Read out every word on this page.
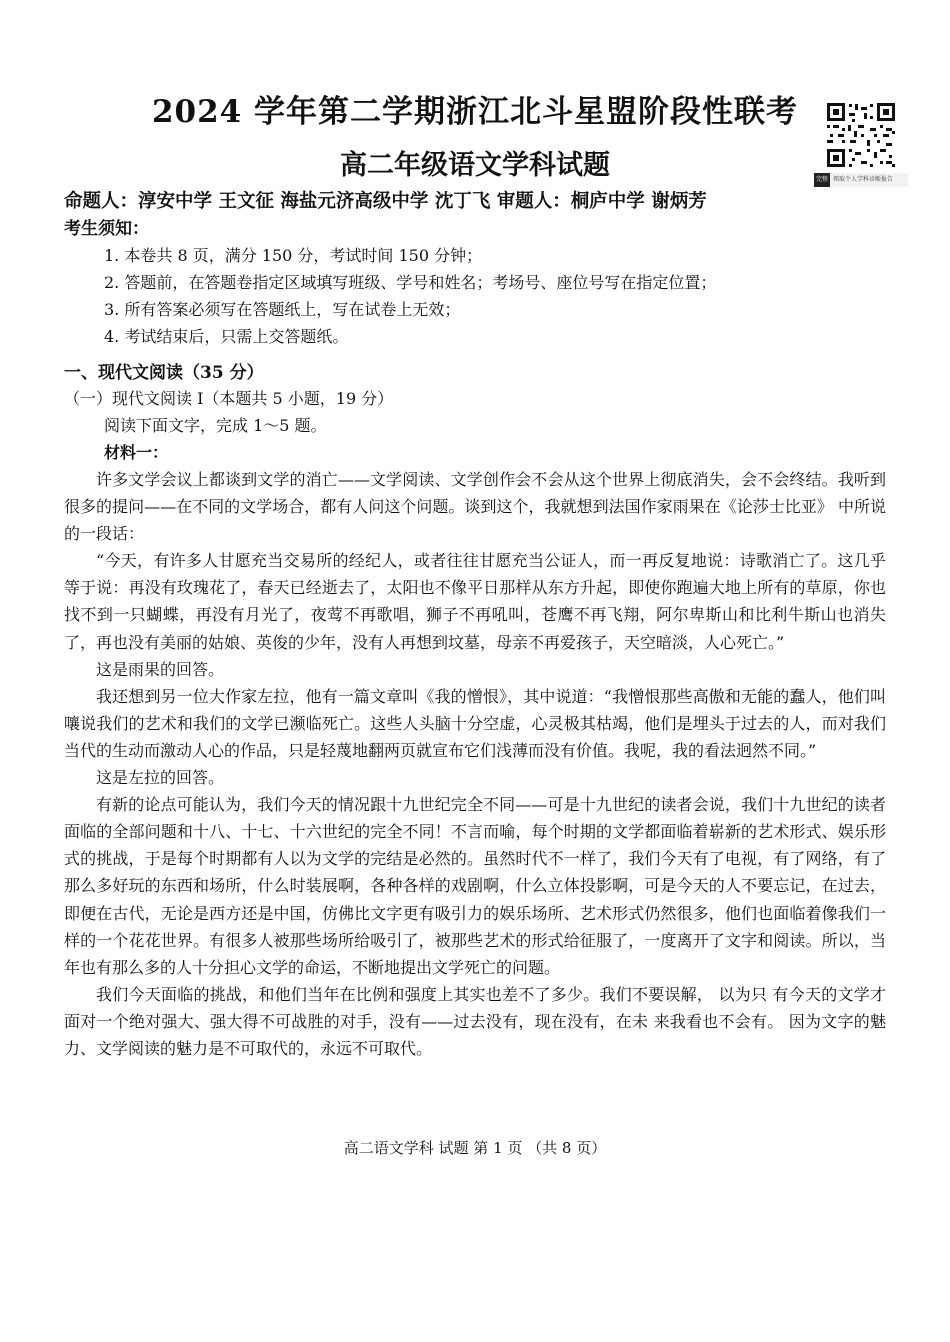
2024 学年第二学期浙江北斗星盟阶段性联考
高二年级语文学科试题	完整 领取个人学科诊断报告
命题人：淳安中学 王文征 海盐元济高级中学 沈丁飞 审题人：桐庐中学 谢炳芳
考生须知：
1. 本卷共 8 页，满分 150 分，考试时间 150 分钟；
2. 答题前，在答题卷指定区域填写班级、学号和姓名；考场号、座位号写在指定位置；
3. 所有答案必须写在答题纸上，写在试卷上无效；
4. 考试结束后，只需上交答题纸。
一、现代文阅读（35 分）
（一）现代文阅读 Ⅰ（本题共 5 小题，19 分）
阅读下面文字，完成 1～5 题。
材料一：

许多文学会议上都谈到文学的消亡——文学阅读、文学创作会不会从这个世界上彻底消失，会不会终结。我听到很多的提问——在不同的文学场合，都有人问这个问题。谈到这个，我就想到法国作家雨果在《论莎士比亚》 中所说的一段话：

“今天，有许多人甘愿充当交易所的经纪人，或者往往甘愿充当公证人，而一再反复地说：诗歌消亡了。这几乎等于说：再没有玫瑰花了，春天已经逝去了，太阳也不像平日那样从东方升起，即使你跑遍大地上所有的草原，你也找不到一只蝴蝶，再没有月光了，夜莺不再歌唱，狮子不再吼叫，苍鹰不再飞翔，阿尔卑斯山和比利牛斯山也消失了，再也没有美丽的姑娘、英俊的少年，没有人再想到坟墓，母亲不再爱孩子，天空暗淡，人心死亡。”

这是雨果的回答。

我还想到另一位大作家左拉，他有一篇文章叫《我的憎恨》，其中说道：“我憎恨那些高傲和无能的蠢人，他们叫嚷说我们的艺术和我们的文学已濒临死亡。这些人头脑十分空虚，心灵极其枯竭，他们是埋头于过去的人，而对我们当代的生动而激动人心的作品，只是轻蔑地翻两页就宣布它们浅薄而没有价值。我呢，我的看法迥然不同。”

这是左拉的回答。

有新的论点可能认为，我们今天的情况跟十九世纪完全不同——可是十九世纪的读者会说，我们十九世纪的读者面临的全部问题和十八、十七、十六世纪的完全不同！不言而喻，每个时期的文学都面临着崭新的艺术形式、娱乐形式的挑战，于是每个时期都有人以为文学的完结是必然的。虽然时代不一样了，我们今天有了电视，有了网络，有了那么多好玩的东西和场所，什么时装展啊，各种各样的戏剧啊，什么立体投影啊，可是今天的人不要忘记，在过去，即便在古代，无论是西方还是中国，仿佛比文字更有吸引力的娱乐场所、艺术形式仍然很多，他们也面临着像我们一样的一个花花世界。有很多人被那些场所给吸引了，被那些艺术的形式给征服了，一度离开了文字和阅读。所以，当年也有那么多的人十分担心文学的命运，不断地提出文学死亡的问题。

我们今天面临的挑战，和他们当年在比例和强度上其实也差不了多少。我们不要误解， 以为只 有今天的文学才面对一个绝对强大、强大得不可战胜的对手，没有——过去没有，现在没有，在未 来我看也不会有。 因为文字的魅力、文学阅读的魅力是不可取代的，永远不可取代。

高二语文学科 试题 第 1 页 （共 8 页）
